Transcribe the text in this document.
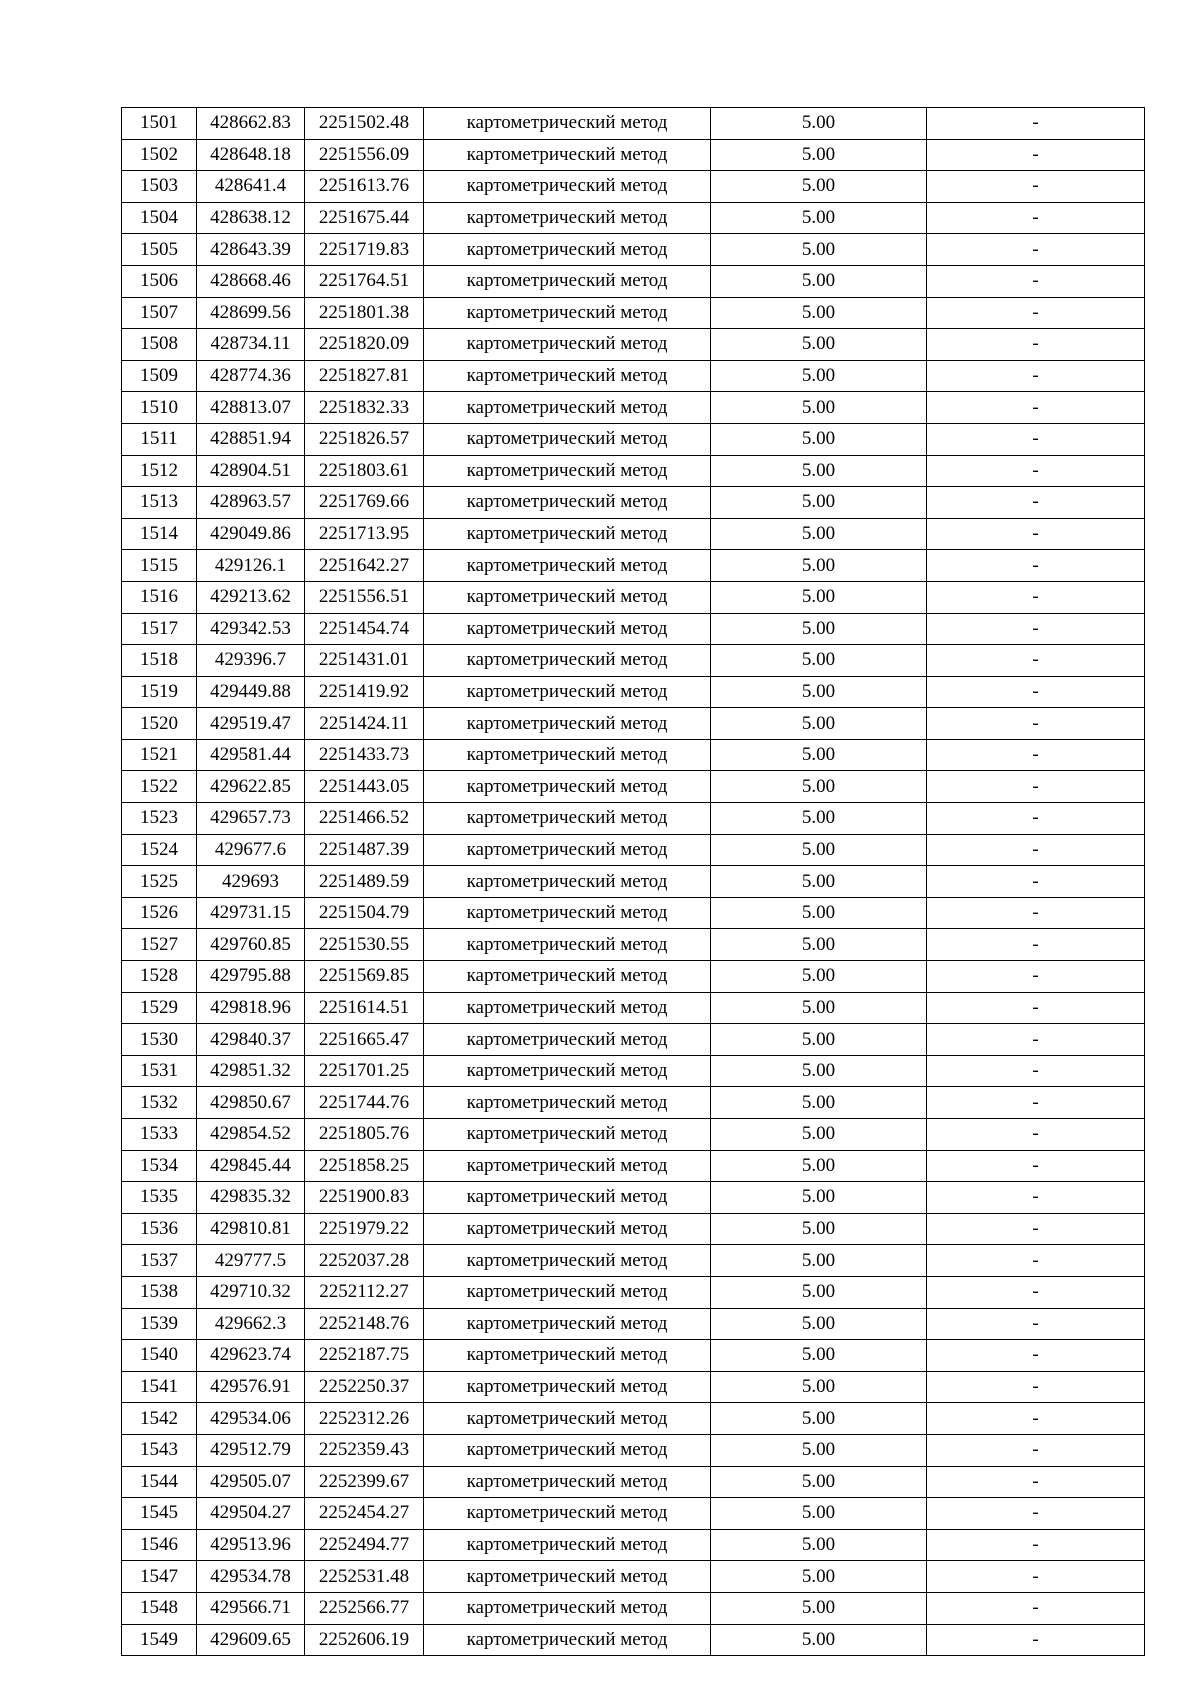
1501	428662.83	2251502.48	картометрический метод	5.00	-
1502	428648.18	2251556.09	картометрический метод	5.00	-
1503	428641.4	2251613.76	картометрический метод	5.00	-
1504	428638.12	2251675.44	картометрический метод	5.00	-
1505	428643.39	2251719.83	картометрический метод	5.00	-
1506	428668.46	2251764.51	картометрический метод	5.00	-
1507	428699.56	2251801.38	картометрический метод	5.00	-
1508	428734.11	2251820.09	картометрический метод	5.00	-
1509	428774.36	2251827.81	картометрический метод	5.00	-
1510	428813.07	2251832.33	картометрический метод	5.00	-
1511	428851.94	2251826.57	картометрический метод	5.00	-
1512	428904.51	2251803.61	картометрический метод	5.00	-
1513	428963.57	2251769.66	картометрический метод	5.00	-
1514	429049.86	2251713.95	картометрический метод	5.00	-
1515	429126.1	2251642.27	картометрический метод	5.00	-
1516	429213.62	2251556.51	картометрический метод	5.00	-
1517	429342.53	2251454.74	картометрический метод	5.00	-
1518	429396.7	2251431.01	картометрический метод	5.00	-
1519	429449.88	2251419.92	картометрический метод	5.00	-
1520	429519.47	2251424.11	картометрический метод	5.00	-
1521	429581.44	2251433.73	картометрический метод	5.00	-
1522	429622.85	2251443.05	картометрический метод	5.00	-
1523	429657.73	2251466.52	картометрический метод	5.00	-
1524	429677.6	2251487.39	картометрический метод	5.00	-
1525	429693	2251489.59	картометрический метод	5.00	-
1526	429731.15	2251504.79	картометрический метод	5.00	-
1527	429760.85	2251530.55	картометрический метод	5.00	-
1528	429795.88	2251569.85	картометрический метод	5.00	-
1529	429818.96	2251614.51	картометрический метод	5.00	-
1530	429840.37	2251665.47	картометрический метод	5.00	-
1531	429851.32	2251701.25	картометрический метод	5.00	-
1532	429850.67	2251744.76	картометрический метод	5.00	-
1533	429854.52	2251805.76	картометрический метод	5.00	-
1534	429845.44	2251858.25	картометрический метод	5.00	-
1535	429835.32	2251900.83	картометрический метод	5.00	-
1536	429810.81	2251979.22	картометрический метод	5.00	-
1537	429777.5	2252037.28	картометрический метод	5.00	-
1538	429710.32	2252112.27	картометрический метод	5.00	-
1539	429662.3	2252148.76	картометрический метод	5.00	-
1540	429623.74	2252187.75	картометрический метод	5.00	-
1541	429576.91	2252250.37	картометрический метод	5.00	-
1542	429534.06	2252312.26	картометрический метод	5.00	-
1543	429512.79	2252359.43	картометрический метод	5.00	-
1544	429505.07	2252399.67	картометрический метод	5.00	-
1545	429504.27	2252454.27	картометрический метод	5.00	-
1546	429513.96	2252494.77	картометрический метод	5.00	-
1547	429534.78	2252531.48	картометрический метод	5.00	-
1548	429566.71	2252566.77	картометрический метод	5.00	-
1549	429609.65	2252606.19	картометрический метод	5.00	-
